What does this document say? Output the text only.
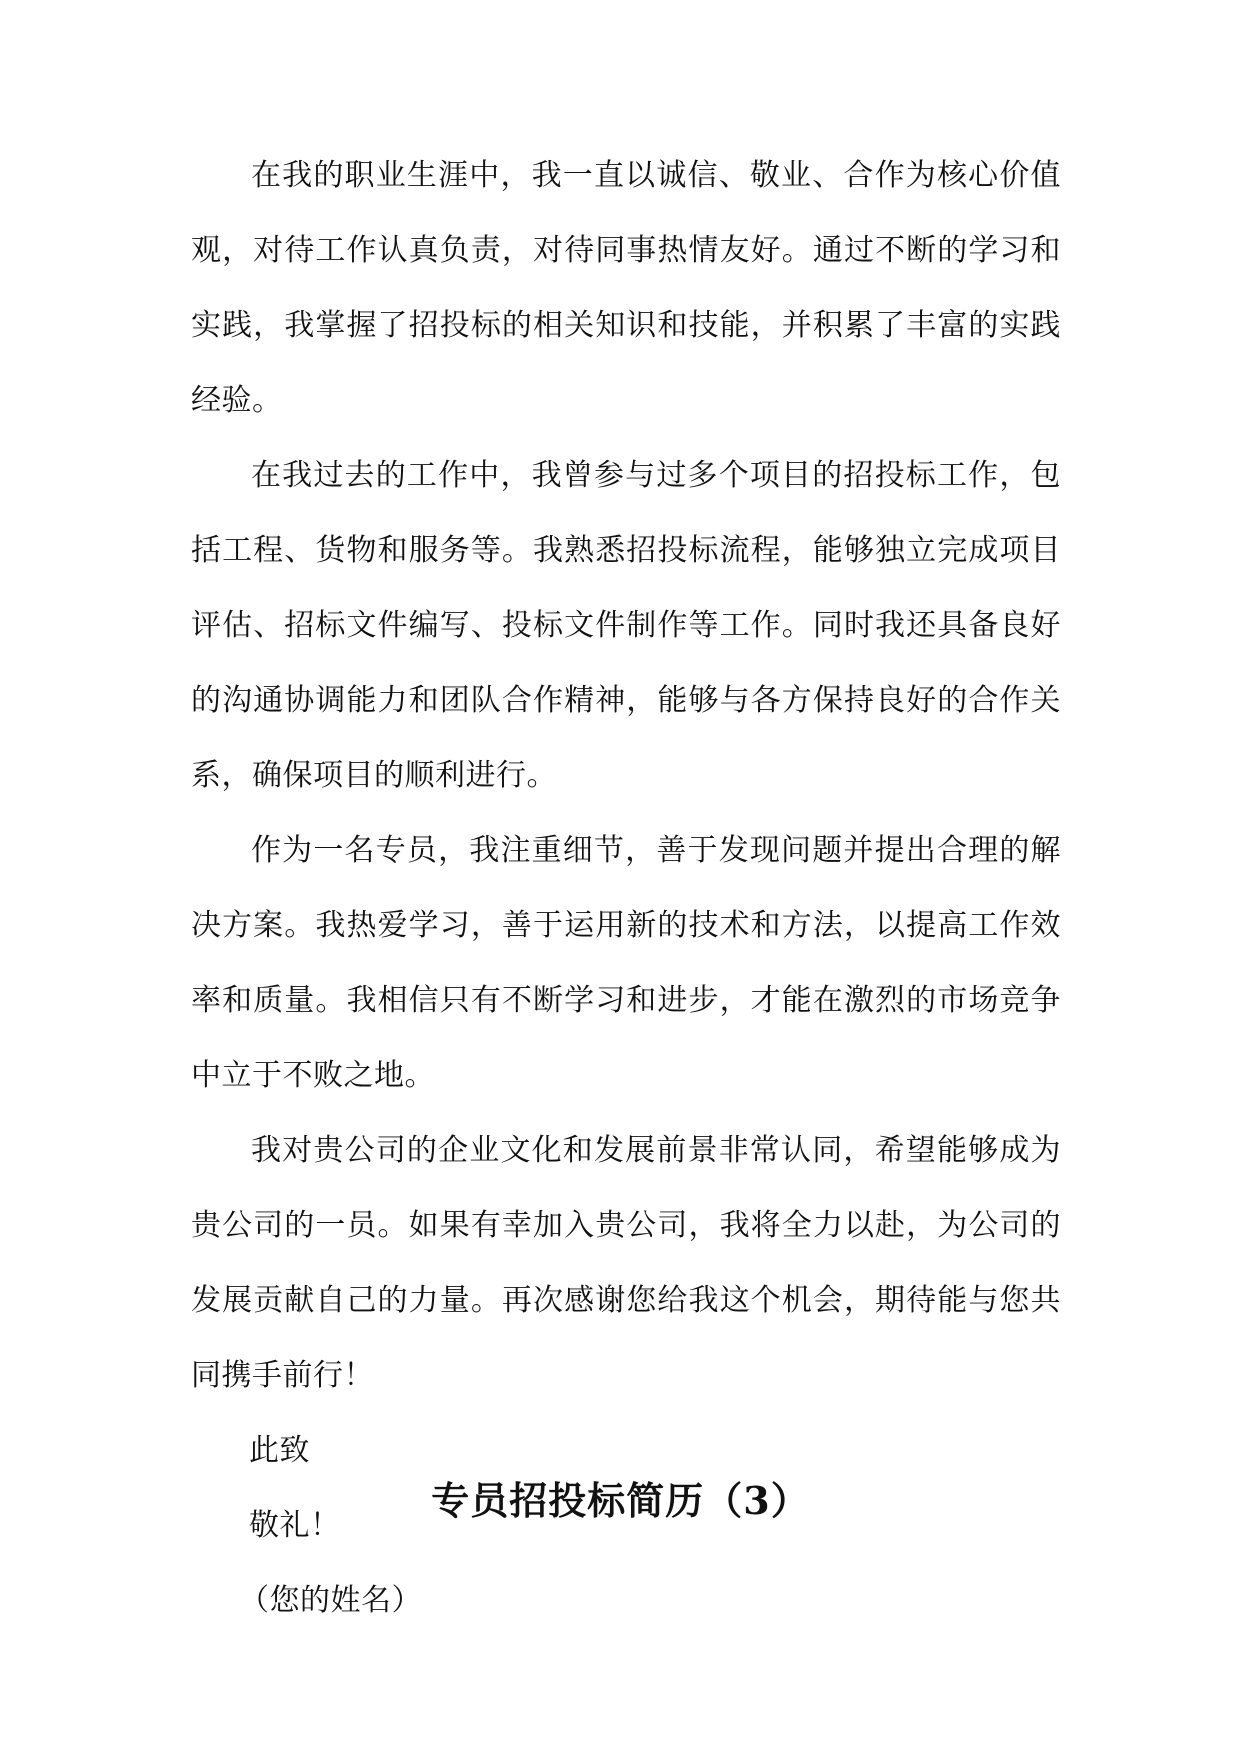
在我的职业生涯中，我一直以诚信、敬业、合作为核心价值观，对待工作认真负责，对待同事热情友好。通过不断的学习和实践，我掌握了招投标的相关知识和技能，并积累了丰富的实践经验。

在我过去的工作中，我曾参与过多个项目的招投标工作，包括工程、货物和服务等。我熟悉招投标流程，能够独立完成项目评估、招标文件编写、投标文件制作等工作。同时我还具备良好的沟通协调能力和团队合作精神，能够与各方保持良好的合作关系，确保项目的顺利进行。

作为一名专员，我注重细节，善于发现问题并提出合理的解决方案。我热爱学习，善于运用新的技术和方法，以提高工作效率和质量。我相信只有不断学习和进步，才能在激烈的市场竞争中立于不败之地。

我对贵公司的企业文化和发展前景非常认同，希望能够成为贵公司的一员。如果有幸加入贵公司，我将全力以赴，为公司的发展贡献自己的力量。再次感谢您给我这个机会，期待能与您共同携手前行！

此致

敬礼！

（您的姓名）

专员招投标简历（3）
